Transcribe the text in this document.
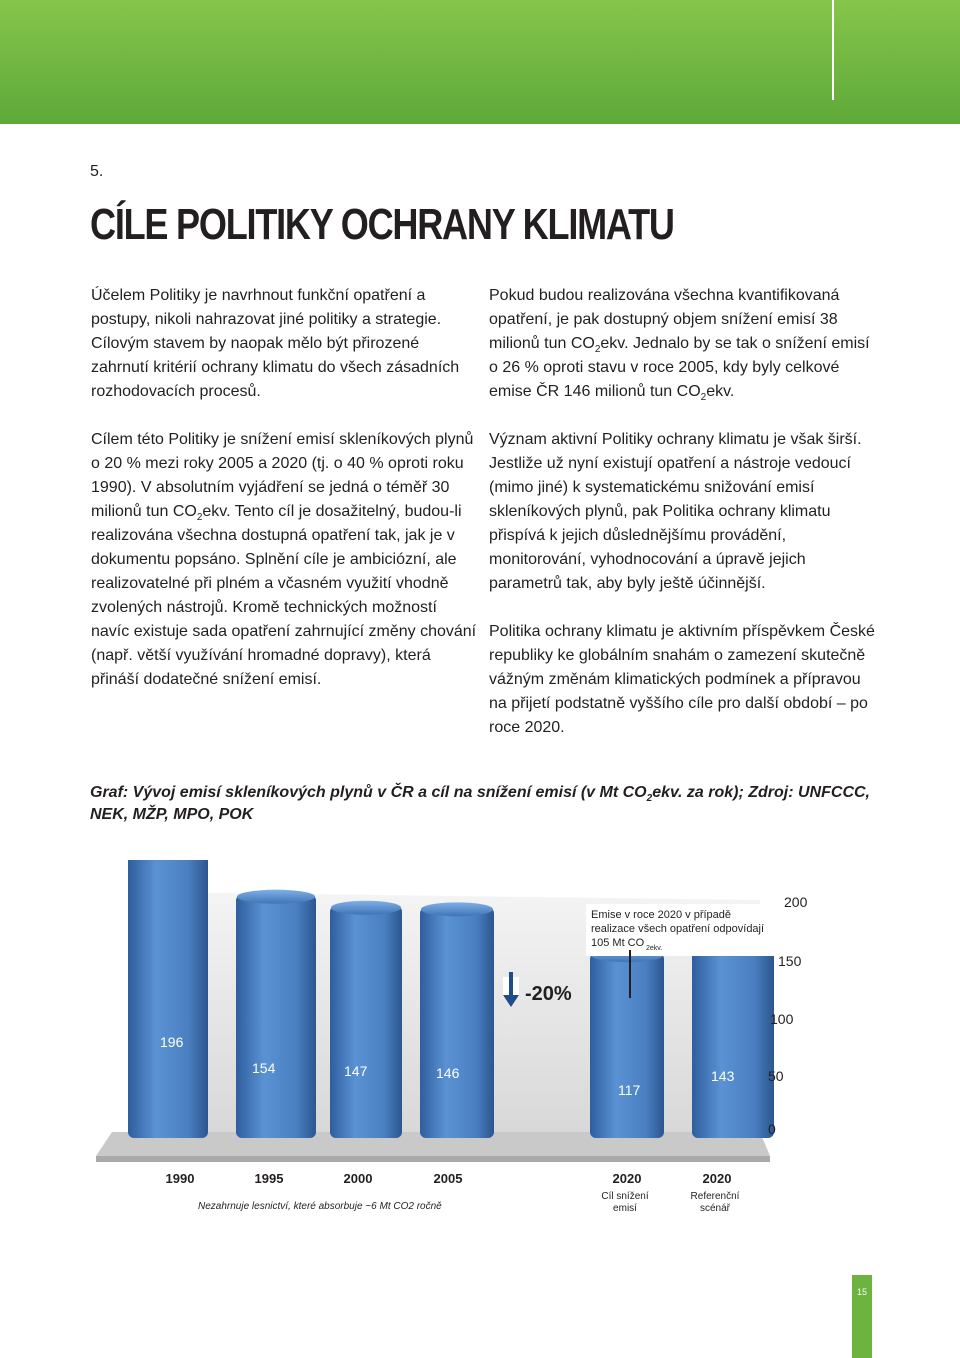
5.
CÍLE POLITIKY OCHRANY KLIMATU

Účelem Politiky je navrhnout funkční opatření a postupy, nikoli nahrazovat jiné politiky a strategie. Cílovým stavem by naopak mělo být přirozené zahrnutí kritérií ochrany klimatu do všech zásadních rozhodovacích procesů.

Cílem této Politiky je snížení emisí skleníkových plynů o 20 % mezi roky 2005 a 2020 (tj. o 40 % oproti roku 1990). V absolutním vyjádření se jedná o téměř 30 milionů tun $CO_2ekv$. Tento cíl je dosažitelný, budou-li realizována všechna dostupná opatření tak, jak je v dokumentu popsáno. Splnění cíle je ambiciózní, ale realizovatelné při plném a včasném využití vhodně zvolených nástrojů. Kromě technických možností navíc existuje sada opatření zahrnující změny chování (např. větší využívání hromadné dopravy), která přináší dodatečné snížení emisí.

Pokud budou realizována všechna kvantifikovaná opatření, je pak dostupný objem snížení emisí 38 milionů tun $CO_2ekv$. Jednalo by se tak o snížení emisí o 26 % oproti stavu v roce 2005, kdy byly celkové emise ČR 146 milionů tun $CO_2ekv$.

Význam aktivní Politiky ochrany klimatu je však širší. Jestliže už nyní existují opatření a nástroje vedoucí (mimo jiné) k systematickému snižování emisí skleníkových plynů, pak Politika ochrany klimatu přispívá k jejich důslednějšímu provádění, monitorování, vyhodnocování a úpravě jejich parametrů tak, aby byly ještě účinnější.

Politika ochrany klimatu je aktivním příspěvkem České republiky ke globálním snahám o zamezení skutečně vážným změnám klimatických podmínek a přípravou na přijetí podstatně vyššího cíle pro další období – po roce 2020.

Graf: Vývoj emisí skleníkových plynů v ČR a cíl na snížení emisí (v Mt $CO_2ekv$. za rok); Zdroj: UNFCCC, NEK, MŽP, MPO, POK
0
50
100
150
200
196
1990
154
1995
147
2000
146
2005
117
2020
Cíl snížení
emisí
143
2020
Referenční
scénář
-20%
Emise v roce 2020 v případě
realizace všech opatření odpovídají
105 Mt CO 2ekv.
Nezahrnuje lesnictví, které absorbuje ~6 Mt CO2 ročně
15
